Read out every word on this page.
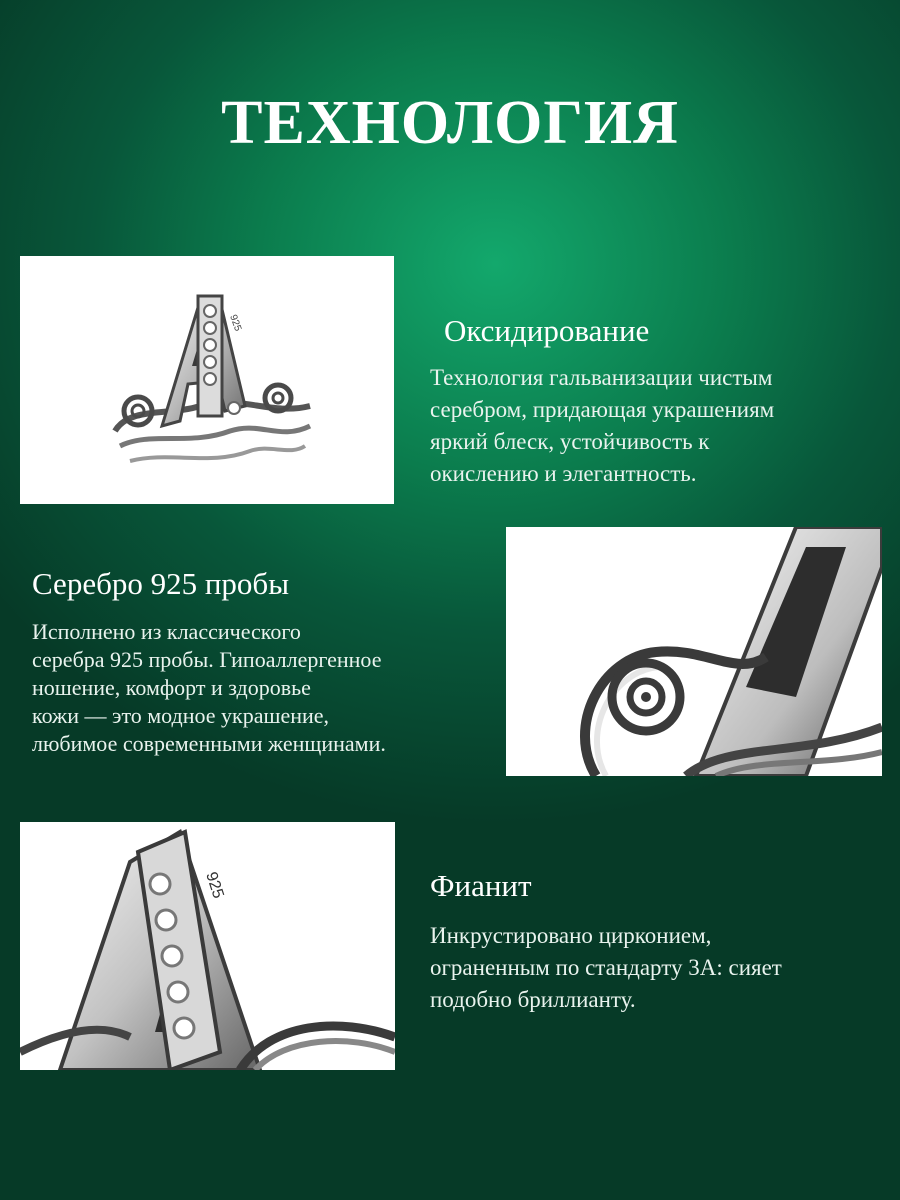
ТЕХНОЛОГИЯ
925	Оксидирование
Технология гальванизации чистым
серебром, придающая украшениям
яркий блеск, устойчивость к
окислению и элегантность.
Серебро 925 пробы
Исполнено из классического
серебра 925 пробы. Гипоаллергенное
ношение, комфорт и здоровье
кожи — это модное украшение,
любимое современными женщинами.
925	Фианит
Инкрустировано цирконием,
ограненным по стандарту 3A: сияет
подобно бриллианту.
